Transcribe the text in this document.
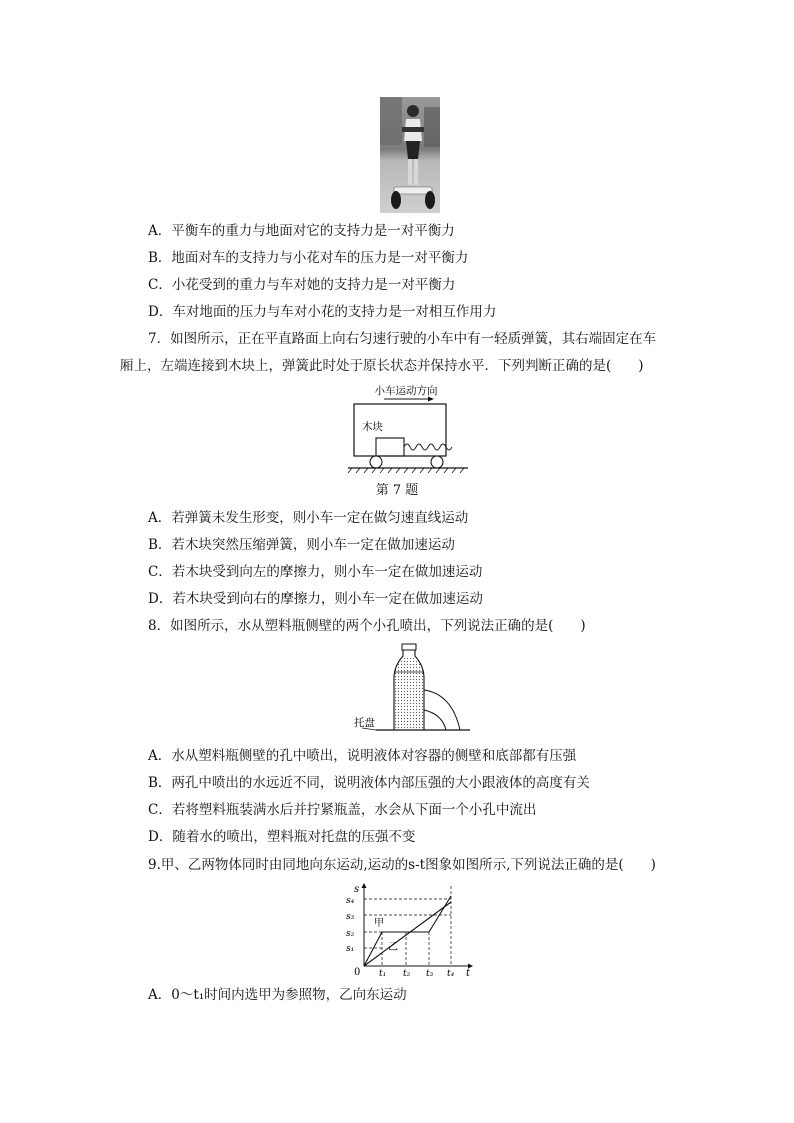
A．平衡车的重力与地面对它的支持力是一对平衡力
B．地面对车的支持力与小花对车的压力是一对平衡力
C．小花受到的重力与车对她的支持力是一对平衡力
D．车对地面的压力与车对小花的支持力是一对相互作用力
7．如图所示，正在平直路面上向右匀速行驶的小车中有一轻质弹簧，其右端固定在车
厢上，左端连接到木块上，弹簧此时处于原长状态并保持水平．下列判断正确的是(　　)
小车运动方向
木块
第 7 题
A．若弹簧未发生形变，则小车一定在做匀速直线运动
B．若木块突然压缩弹簧，则小车一定在做加速运动
C．若木块受到向左的摩擦力，则小车一定在做加速运动
D．若木块受到向右的摩擦力，则小车一定在做加速运动
8．如图所示，水从塑料瓶侧壁的两个小孔喷出，下列说法正确的是(　　)
托盘
A．水从塑料瓶侧壁的孔中喷出，说明液体对容器的侧壁和底部都有压强
B．两孔中喷出的水远近不同，说明液体内部压强的大小跟液体的高度有关
C．若将塑料瓶装满水后并拧紧瓶盖，水会从下面一个小孔中流出
D．随着水的喷出，塑料瓶对托盘的压强不变
9.甲、乙两物体同时由同地向东运动,运动的s-t图象如图所示,下列说法正确的是(　　)
s
t
0
s₁
s₂
s₃
s₄
t₁ t₂ t₃ t₄
甲
乙
A．0～t₁时间内选甲为参照物，乙向东运动
